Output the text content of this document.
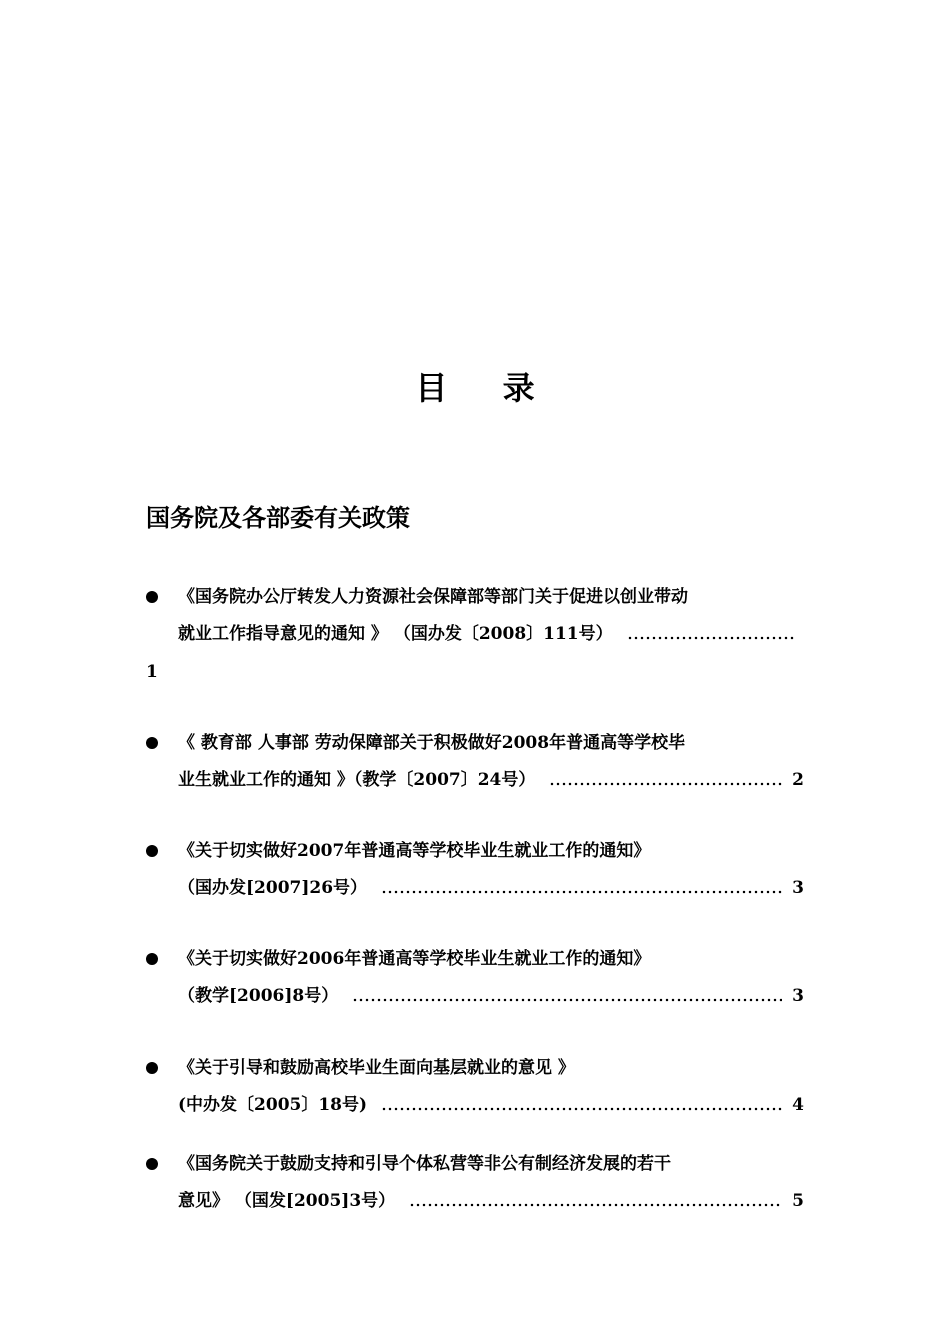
目 录
国务院及各部委有关政策
《国务院办公厅转发人力资源社会保障部等部门关于促进以创业带动
就业工作指导意见的通知 》 （国办发〔2008〕111号）
1
《 教育部 人事部 劳动保障部关于积极做好2008年普通高等学校毕
业生就业工作的通知 》（教学〔2007〕24号）	2
《关于切实做好2007年普通高等学校毕业生就业工作的通知》
（国办发[2007]26号）	3
《关于切实做好2006年普通高等学校毕业生就业工作的通知》
（教学[2006]8号）	3
《关于引导和鼓励高校毕业生面向基层就业的意见 》
(中办发〔2005〕18号)	4
《国务院关于鼓励支持和引导个体私营等非公有制经济发展的若干
意见》 （国发[2005]3号）	5
